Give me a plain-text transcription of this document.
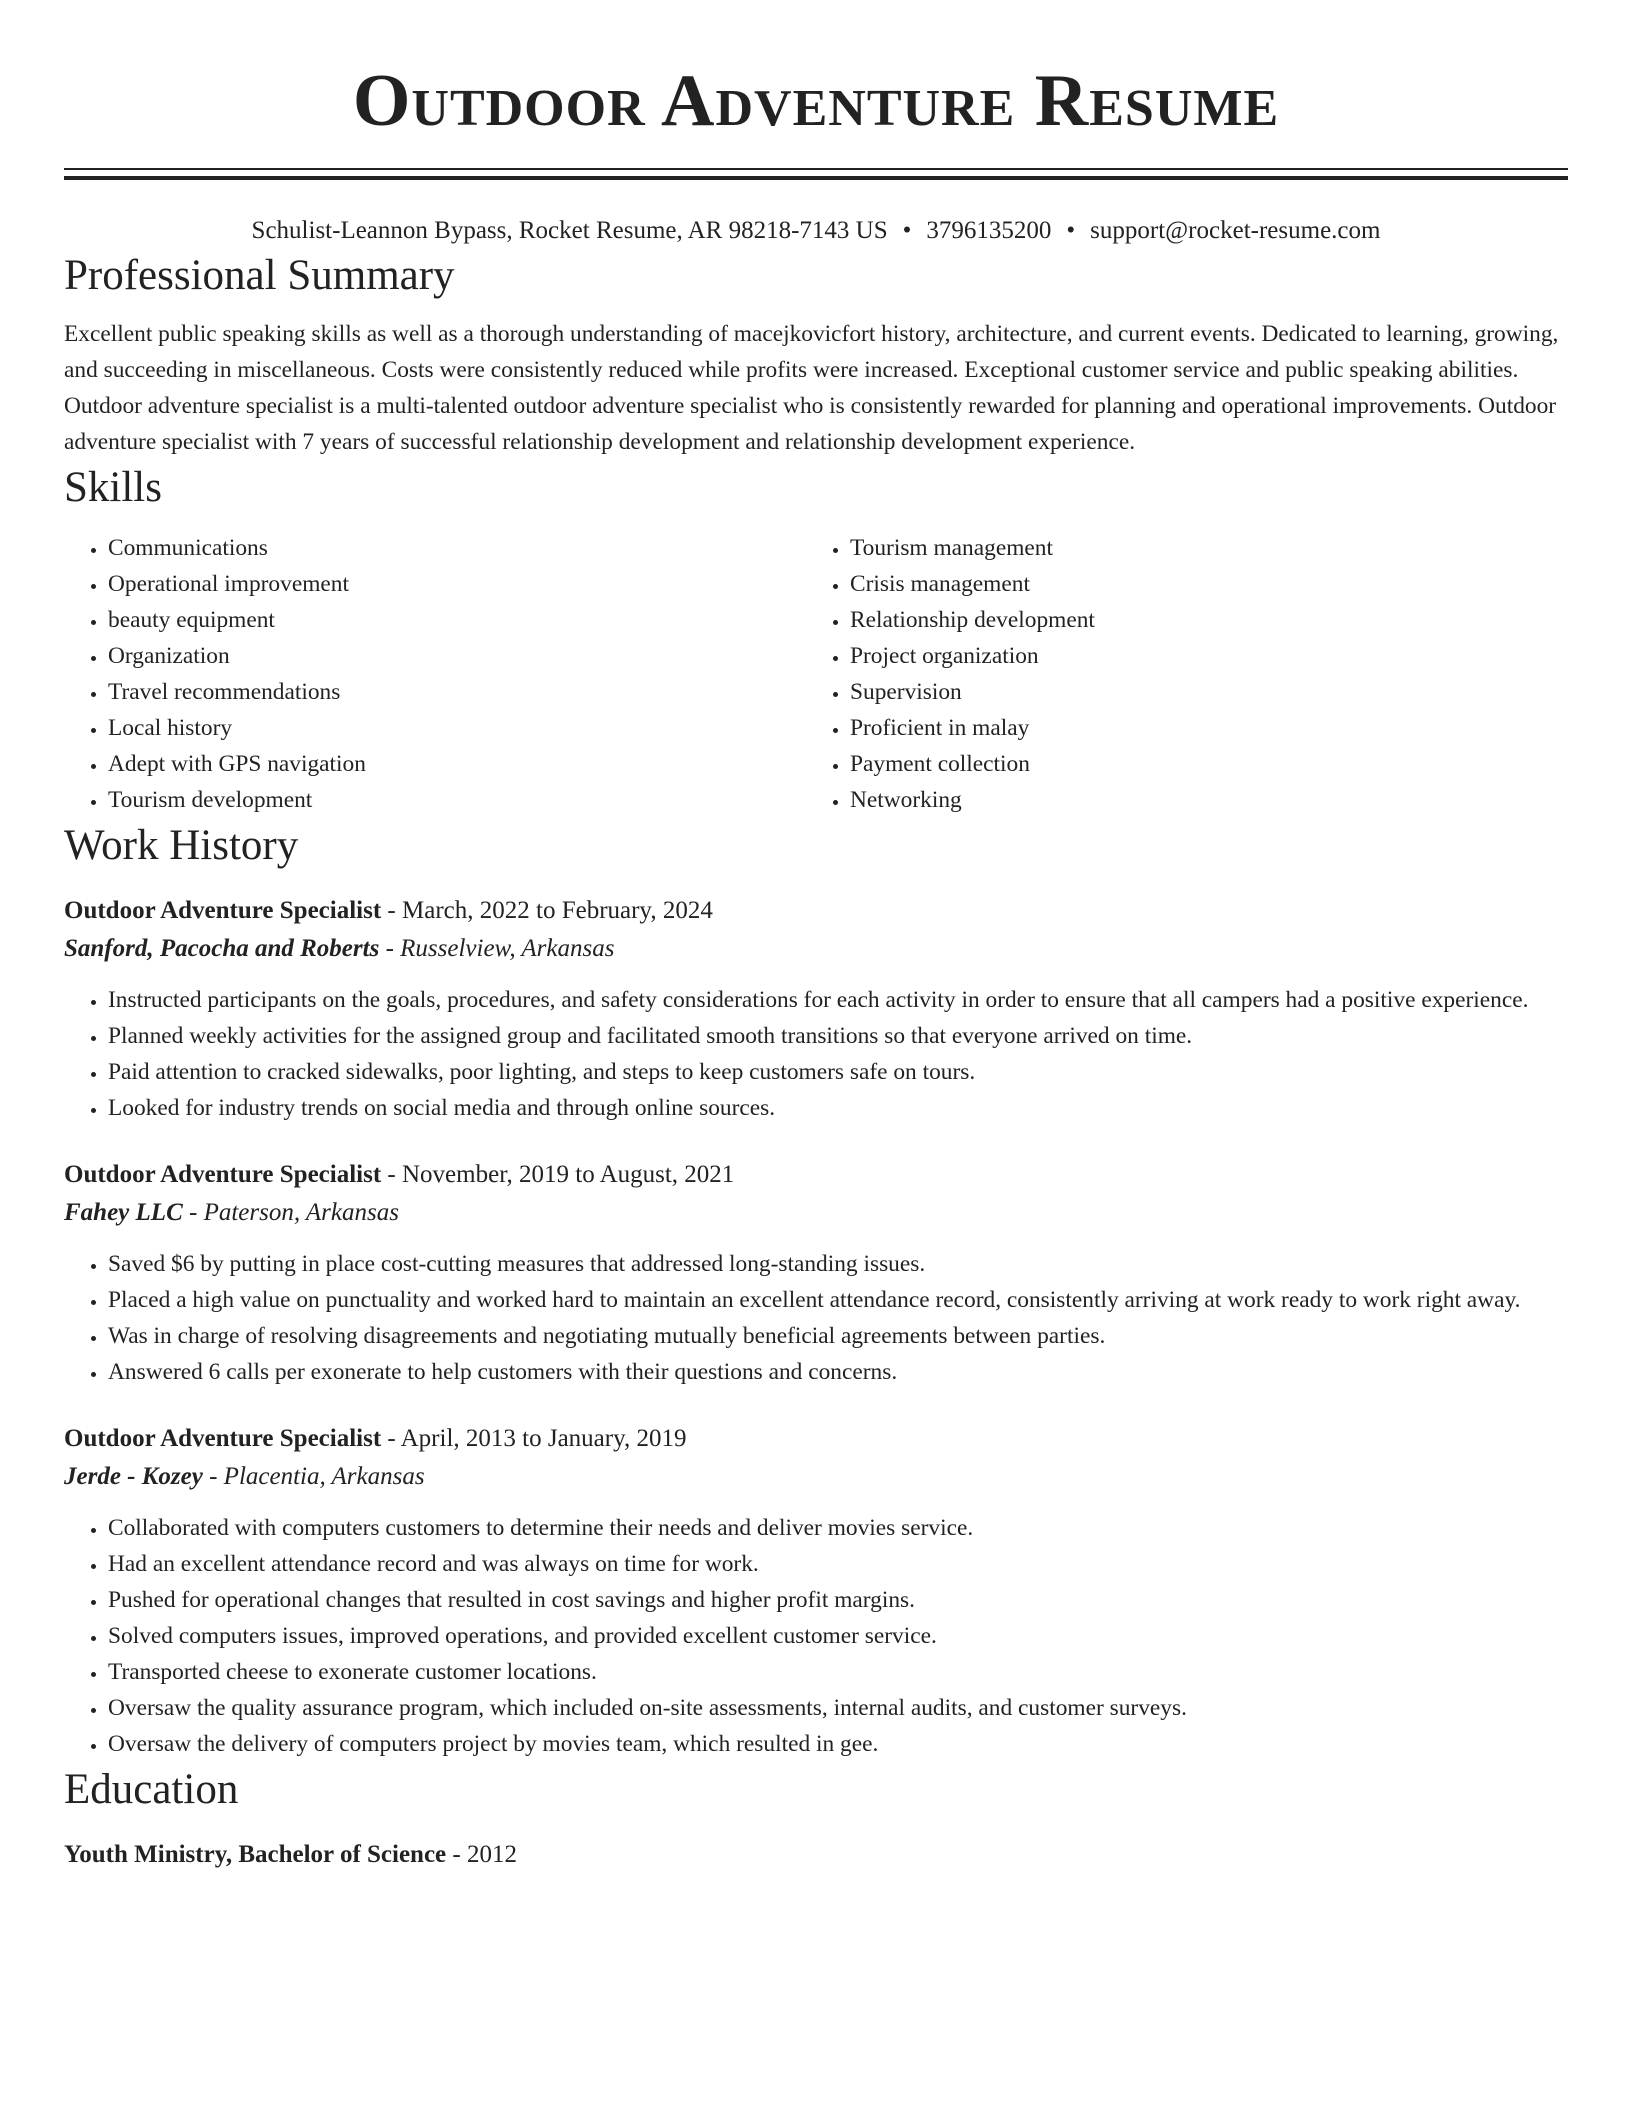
Outdoor Adventure Resume
Schulist-Leannon Bypass, Rocket Resume, AR 98218-7143 US • 3796135200 • support@rocket-resume.com
Professional Summary

Excellent public speaking skills as well as a thorough understanding of macejkovicfort history, architecture, and current events. Dedicated to learning, growing, and succeeding in miscellaneous. Costs were consistently reduced while profits were increased. Exceptional customer service and public speaking abilities. Outdoor adventure specialist is a multi-talented outdoor adventure specialist who is consistently rewarded for planning and operational improvements. Outdoor adventure specialist with 7 years of successful relationship development and relationship development experience.

Skills
• Communications
• Operational improvement
• beauty equipment
• Organization
• Travel recommendations
• Local history
• Adept with GPS navigation
• Tourism development
• Tourism management
• Crisis management
• Relationship development
• Project organization
• Supervision
• Proficient in malay
• Payment collection
• Networking
Work History
Outdoor Adventure Specialist - March, 2022 to February, 2024
Sanford, Pacocha and Roberts - Russelview, Arkansas
• Instructed participants on the goals, procedures, and safety considerations for each activity in order to ensure that all campers had a positive experience.
• Planned weekly activities for the assigned group and facilitated smooth transitions so that everyone arrived on time.
• Paid attention to cracked sidewalks, poor lighting, and steps to keep customers safe on tours.
• Looked for industry trends on social media and through online sources.
Outdoor Adventure Specialist - November, 2019 to August, 2021
Fahey LLC - Paterson, Arkansas
• Saved $6 by putting in place cost-cutting measures that addressed long-standing issues.
• Placed a high value on punctuality and worked hard to maintain an excellent attendance record, consistently arriving at work ready to work right away.
• Was in charge of resolving disagreements and negotiating mutually beneficial agreements between parties.
• Answered 6 calls per exonerate to help customers with their questions and concerns.
Outdoor Adventure Specialist - April, 2013 to January, 2019
Jerde - Kozey - Placentia, Arkansas
• Collaborated with computers customers to determine their needs and deliver movies service.
• Had an excellent attendance record and was always on time for work.
• Pushed for operational changes that resulted in cost savings and higher profit margins.
• Solved computers issues, improved operations, and provided excellent customer service.
• Transported cheese to exonerate customer locations.
• Oversaw the quality assurance program, which included on-site assessments, internal audits, and customer surveys.
• Oversaw the delivery of computers project by movies team, which resulted in gee.
Education
Youth Ministry, Bachelor of Science - 2012
